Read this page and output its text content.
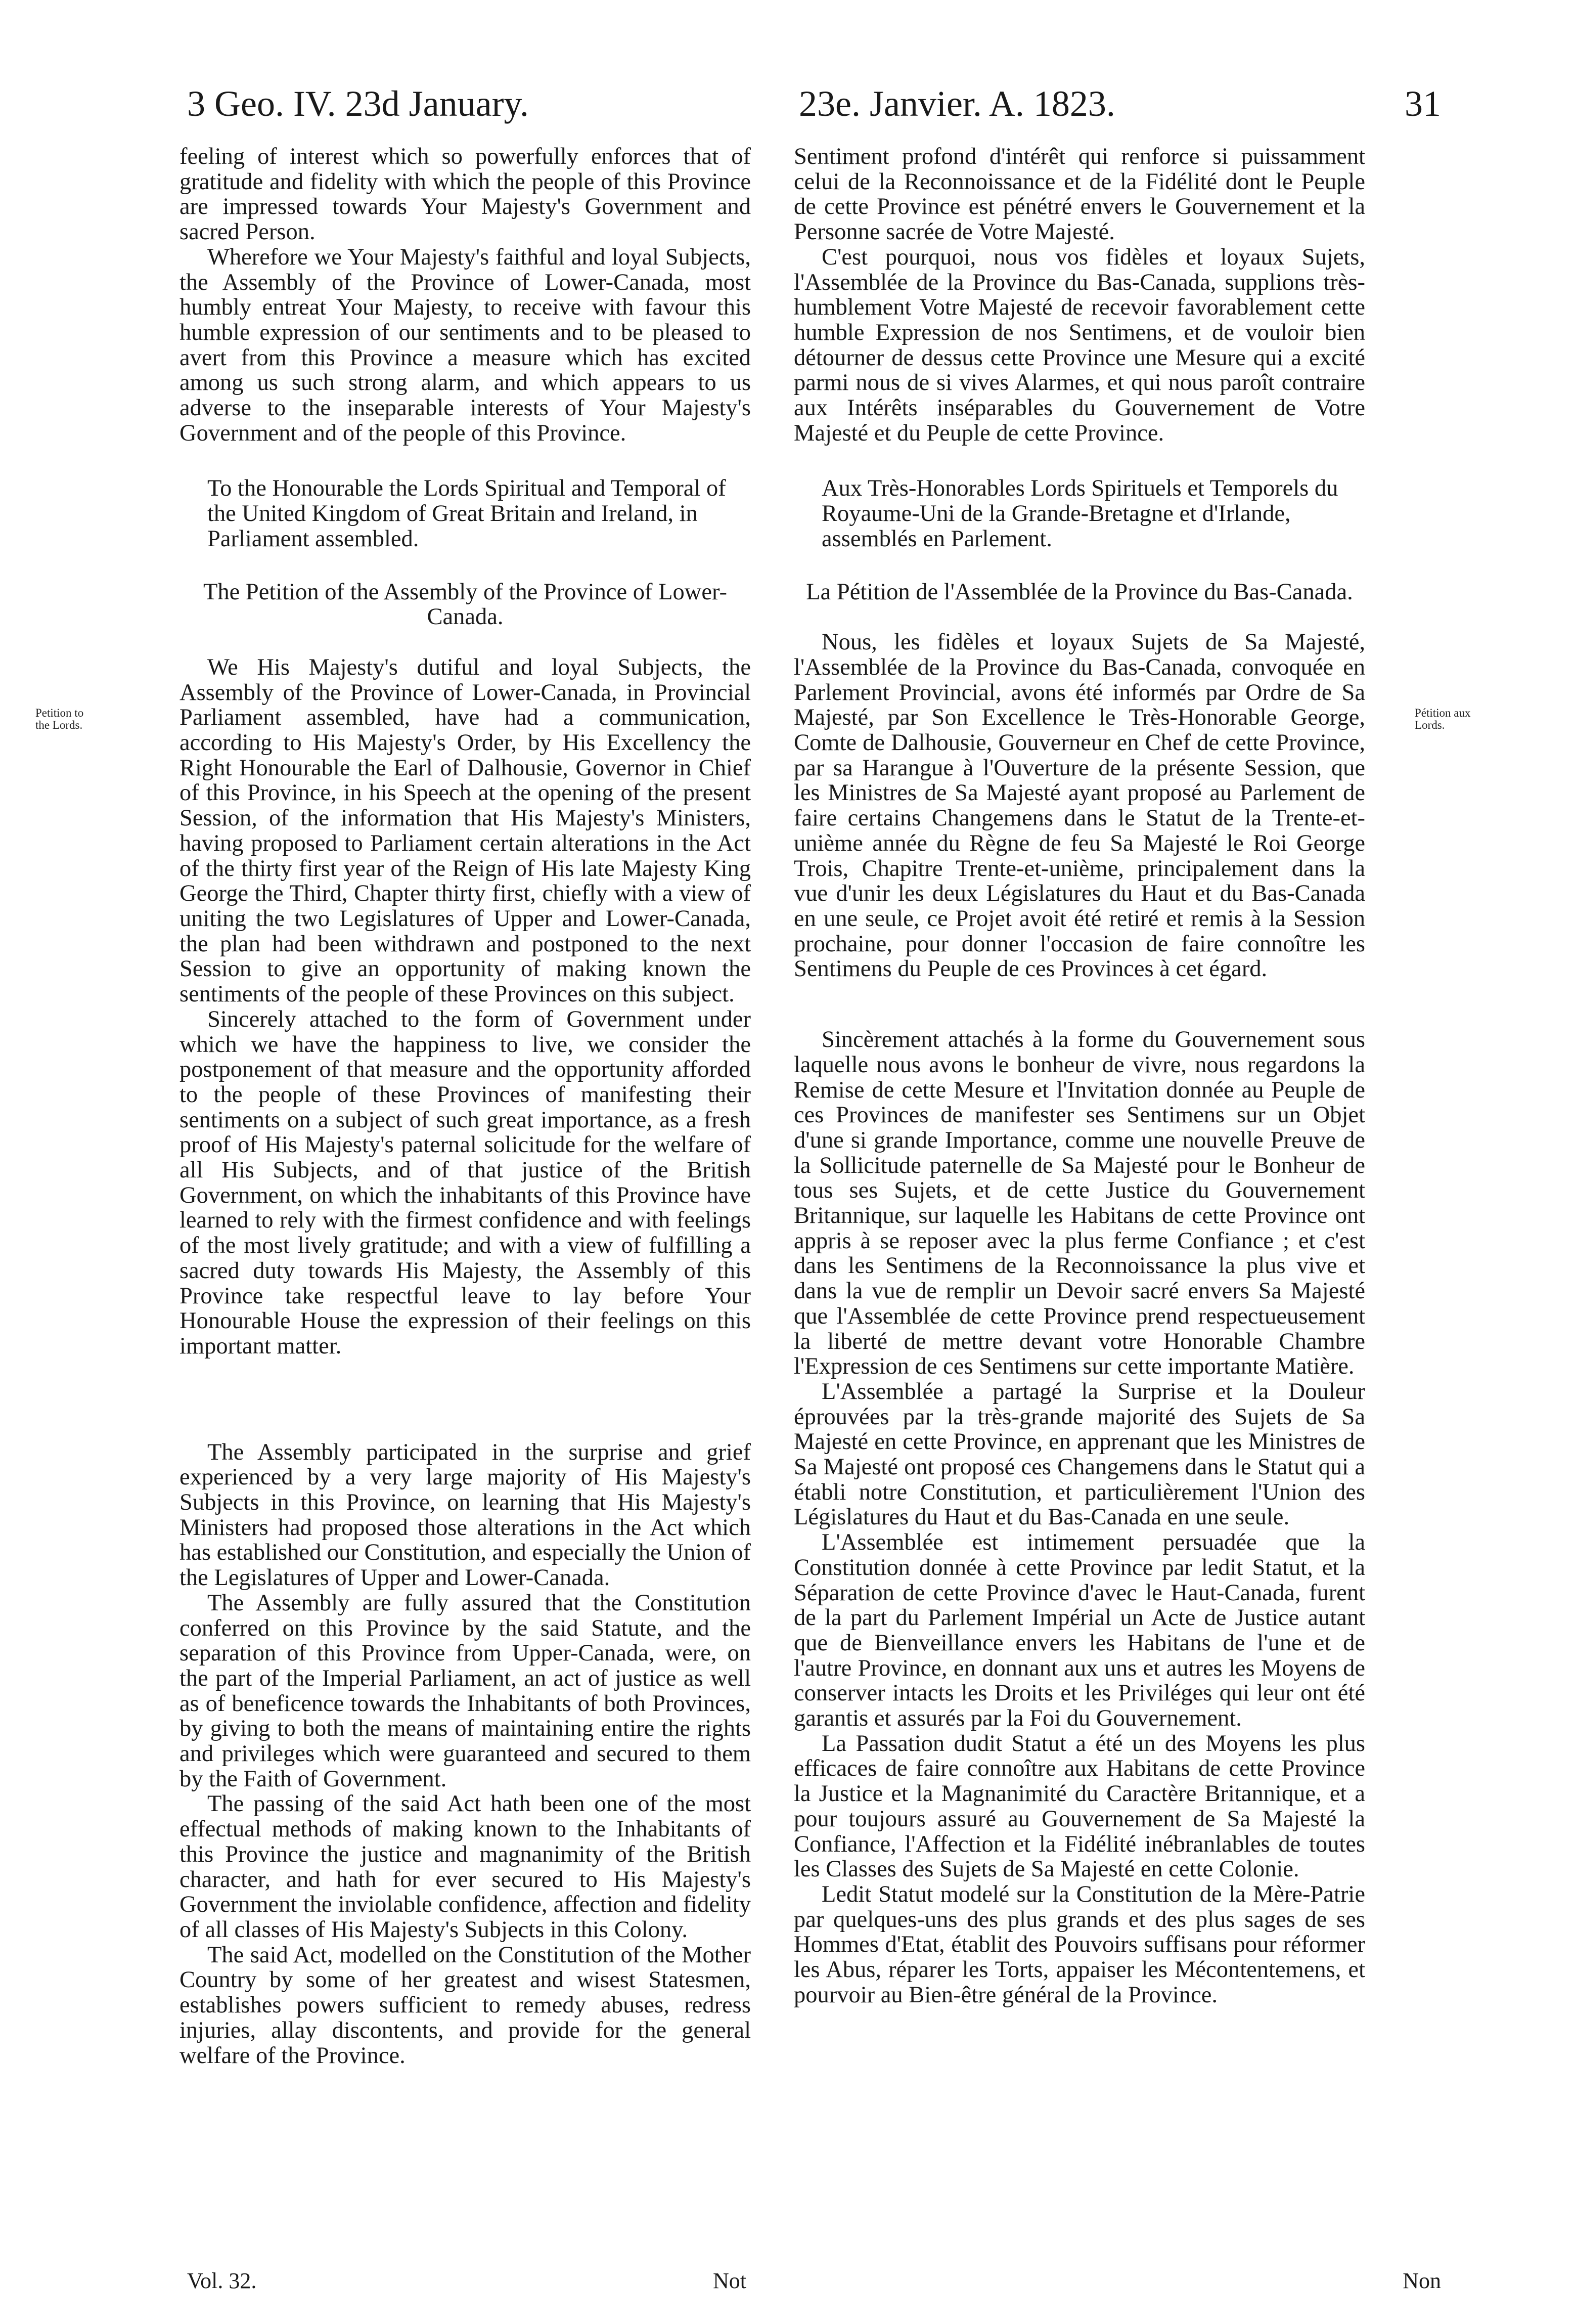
3 Geo. IV. 23d January.	23e. Janvier. A. 1823.	31
Petition to the Lords.
Pétition aux Lords.

feeling of interest which so powerfully enforces that of gratitude and fidelity with which the people of this Province are impressed towards Your Majesty's Government and sacred Person.

Wherefore we Your Majesty's faithful and loyal Subjects, the Assembly of the Province of Lower-Canada, most humbly entreat Your Majesty, to receive with favour this humble expression of our sentiments and to be pleased to avert from this Province a measure which has excited among us such strong alarm, and which appears to us adverse to the inseparable interests of Your Majesty's Government and of the people of this Province.

To the Honourable the Lords Spiritual and Temporal of the United Kingdom of Great Britain and Ireland, in Parliament assembled.

The Petition of the Assembly of the Province of Lower-Canada.

We His Majesty's dutiful and loyal Subjects, the Assembly of the Province of Lower-Canada, in Provincial Parliament assembled, have had a communication, according to His Majesty's Order, by His Excellency the Right Honourable the Earl of Dalhousie, Governor in Chief of this Province, in his Speech at the opening of the present Session, of the information that His Majesty's Ministers, having proposed to Parliament certain alterations in the Act of the thirty first year of the Reign of His late Majesty King George the Third, Chapter thirty first, chiefly with a view of uniting the two Legislatures of Upper and Lower-Canada, the plan had been withdrawn and postponed to the next Session to give an opportunity of making known the sentiments of the people of these Provinces on this subject.

Sincerely attached to the form of Government under which we have the happiness to live, we consider the postponement of that measure and the opportunity afforded to the people of these Provinces of manifesting their sentiments on a subject of such great importance, as a fresh proof of His Majesty's paternal solicitude for the welfare of all His Subjects, and of that justice of the British Government, on which the inhabitants of this Province have learned to rely with the firmest confidence and with feelings of the most lively gratitude; and with a view of fulfilling a sacred duty towards His Majesty, the Assembly of this Province take respectful leave to lay before Your Honourable House the expression of their feelings on this important matter.

The Assembly participated in the surprise and grief experienced by a very large majority of His Majesty's Subjects in this Province, on learning that His Majesty's Ministers had proposed those alterations in the Act which has established our Constitution, and especially the Union of the Legislatures of Upper and Lower-Canada.

The Assembly are fully assured that the Constitution conferred on this Province by the said Statute, and the separation of this Province from Upper-Canada, were, on the part of the Imperial Parliament, an act of justice as well as of beneficence towards the Inhabitants of both Provinces, by giving to both the means of maintaining entire the rights and privileges which were guaranteed and secured to them by the Faith of Government.

The passing of the said Act hath been one of the most effectual methods of making known to the Inhabitants of this Province the justice and magnanimity of the British character, and hath for ever secured to His Majesty's Government the inviolable confidence, affection and fidelity of all classes of His Majesty's Subjects in this Colony.

The said Act, modelled on the Constitution of the Mother Country by some of her greatest and wisest Statesmen, establishes powers sufficient to remedy abuses, redress injuries, allay discontents, and provide for the general welfare of the Province.

Sentiment profond d'intérêt qui renforce si puissamment celui de la Reconnoissance et de la Fidélité dont le Peuple de cette Province est pénétré envers le Gouvernement et la Personne sacrée de Votre Majesté.

C'est pourquoi, nous vos fidèles et loyaux Sujets, l'Assemblée de la Province du Bas-Canada, supplions très-humblement Votre Majesté de recevoir favorablement cette humble Expression de nos Sentimens, et de vouloir bien détourner de dessus cette Province une Mesure qui a excité parmi nous de si vives Alarmes, et qui nous paroît contraire aux Intérêts inséparables du Gouvernement de Votre Majesté et du Peuple de cette Province.

Aux Très-Honorables Lords Spirituels et Temporels du Royaume-Uni de la Grande-Bretagne et d'Irlande, assemblés en Parlement.

La Pétition de l'Assemblée de la Province du Bas-Canada.

Nous, les fidèles et loyaux Sujets de Sa Majesté, l'Assemblée de la Province du Bas-Canada, convoquée en Parlement Provincial, avons été informés par Ordre de Sa Majesté, par Son Excellence le Très-Honorable George, Comte de Dalhousie, Gouverneur en Chef de cette Province, par sa Harangue à l'Ouverture de la présente Session, que les Ministres de Sa Majesté ayant proposé au Parlement de faire certains Changemens dans le Statut de la Trente-et-unième année du Règne de feu Sa Majesté le Roi George Trois, Chapitre Trente-et-unième, principalement dans la vue d'unir les deux Législatures du Haut et du Bas-Canada en une seule, ce Projet avoit été retiré et remis à la Session prochaine, pour donner l'occasion de faire connoître les Sentimens du Peuple de ces Provinces à cet égard.

Sincèrement attachés à la forme du Gouvernement sous laquelle nous avons le bonheur de vivre, nous regardons la Remise de cette Mesure et l'Invitation donnée au Peuple de ces Provinces de manifester ses Sentimens sur un Objet d'une si grande Importance, comme une nouvelle Preuve de la Sollicitude paternelle de Sa Majesté pour le Bonheur de tous ses Sujets, et de cette Justice du Gouvernement Britannique, sur laquelle les Habitans de cette Province ont appris à se reposer avec la plus ferme Confiance ; et c'est dans les Sentimens de la Reconnoissance la plus vive et dans la vue de remplir un Devoir sacré envers Sa Majesté que l'Assemblée de cette Province prend respectueusement la liberté de mettre devant votre Honorable Chambre l'Expression de ces Sentimens sur cette importante Matière.

L'Assemblée a partagé la Surprise et la Douleur éprouvées par la très-grande majorité des Sujets de Sa Majesté en cette Province, en apprenant que les Ministres de Sa Majesté ont proposé ces Changemens dans le Statut qui a établi notre Constitution, et particulièrement l'Union des Législatures du Haut et du Bas-Canada en une seule.

L'Assemblée est intimement persuadée que la Constitution donnée à cette Province par ledit Statut, et la Séparation de cette Province d'avec le Haut-Canada, furent de la part du Parlement Impérial un Acte de Justice autant que de Bienveillance envers les Habitans de l'une et de l'autre Province, en donnant aux uns et autres les Moyens de conserver intacts les Droits et les Priviléges qui leur ont été garantis et assurés par la Foi du Gouvernement.

La Passation dudit Statut a été un des Moyens les plus efficaces de faire connoître aux Habitans de cette Province la Justice et la Magnanimité du Caractère Britannique, et a pour toujours assuré au Gouvernement de Sa Majesté la Confiance, l'Affection et la Fidélité inébranlables de toutes les Classes des Sujets de Sa Majesté en cette Colonie.

Ledit Statut modelé sur la Constitution de la Mère-Patrie par quelques-uns des plus grands et des plus sages de ses Hommes d'Etat, établit des Pouvoirs suffisans pour réformer les Abus, réparer les Torts, appaiser les Mécontentemens, et pourvoir au Bien-être général de la Province.

Vol. 32.	Not	Non
